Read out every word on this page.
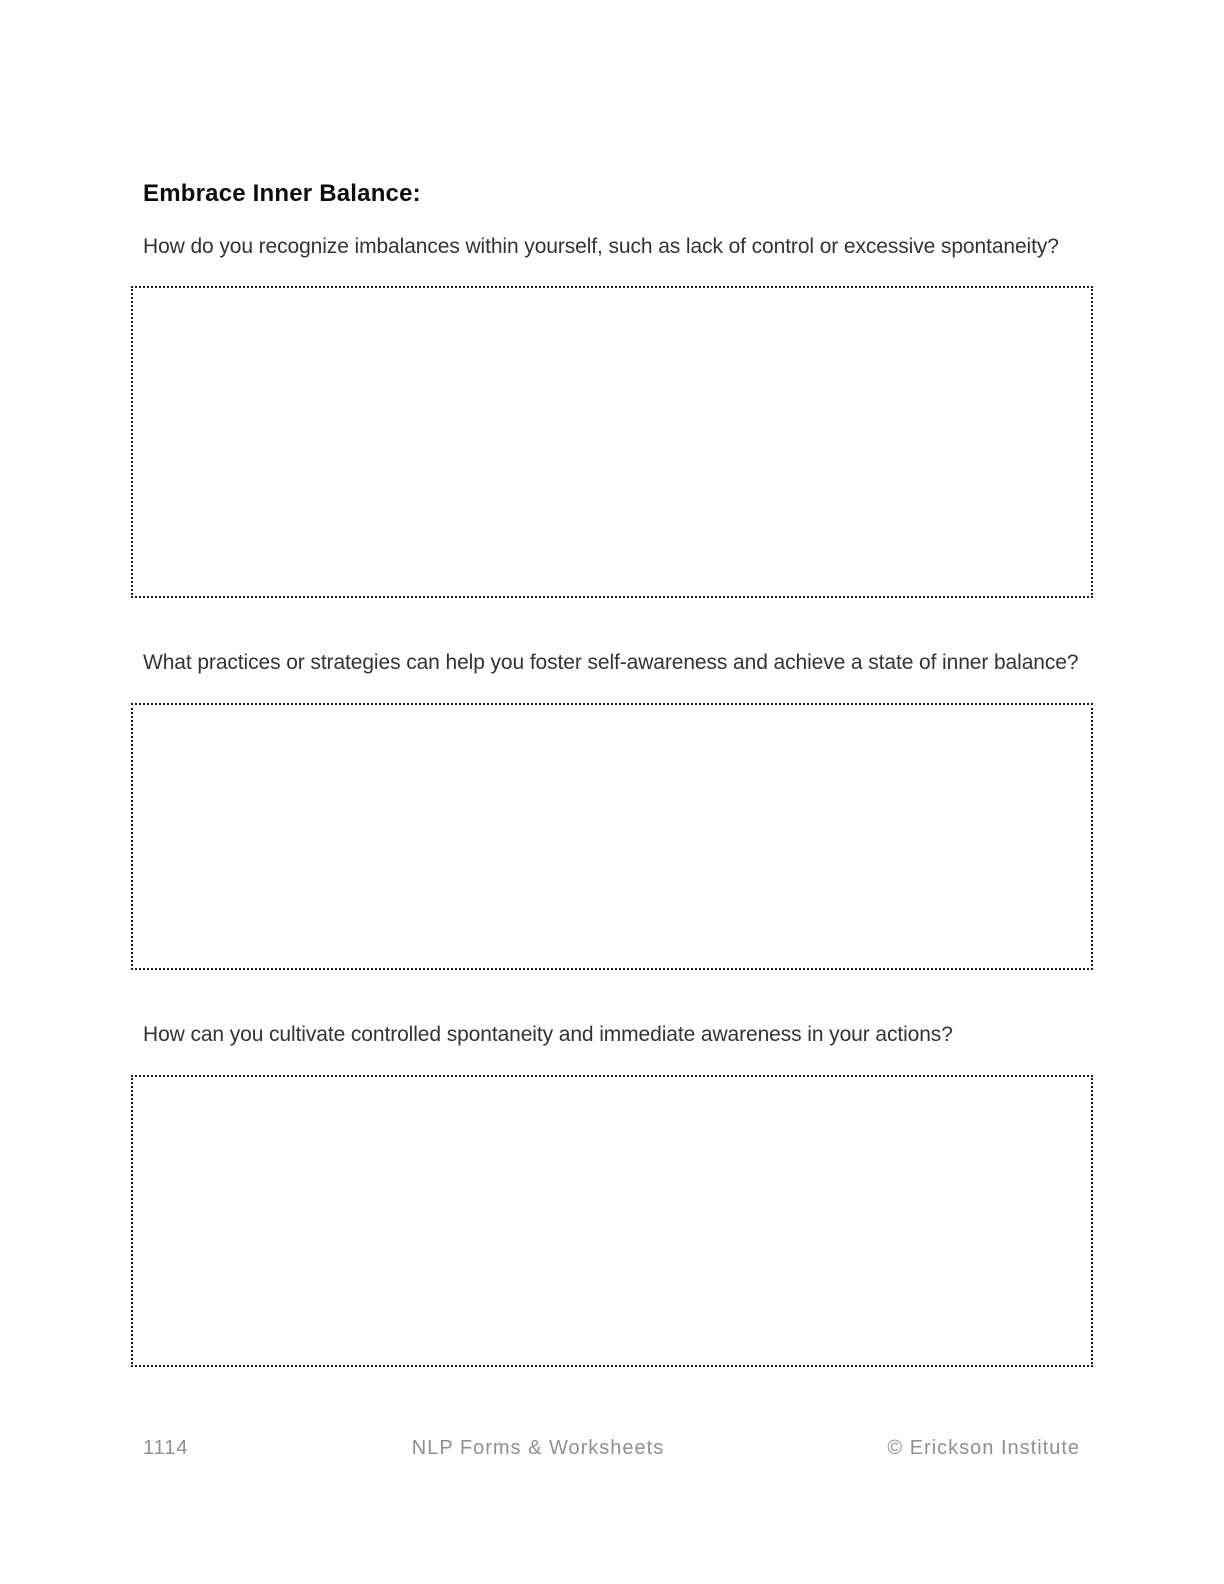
Embrace Inner Balance:

How do you recognize imbalances within yourself, such as lack of control or excessive spontaneity?

What practices or strategies can help you foster self-awareness and achieve a state of inner balance?

How can you cultivate controlled spontaneity and immediate awareness in your actions?

1114	NLP Forms & Worksheets	© Erickson Institute
